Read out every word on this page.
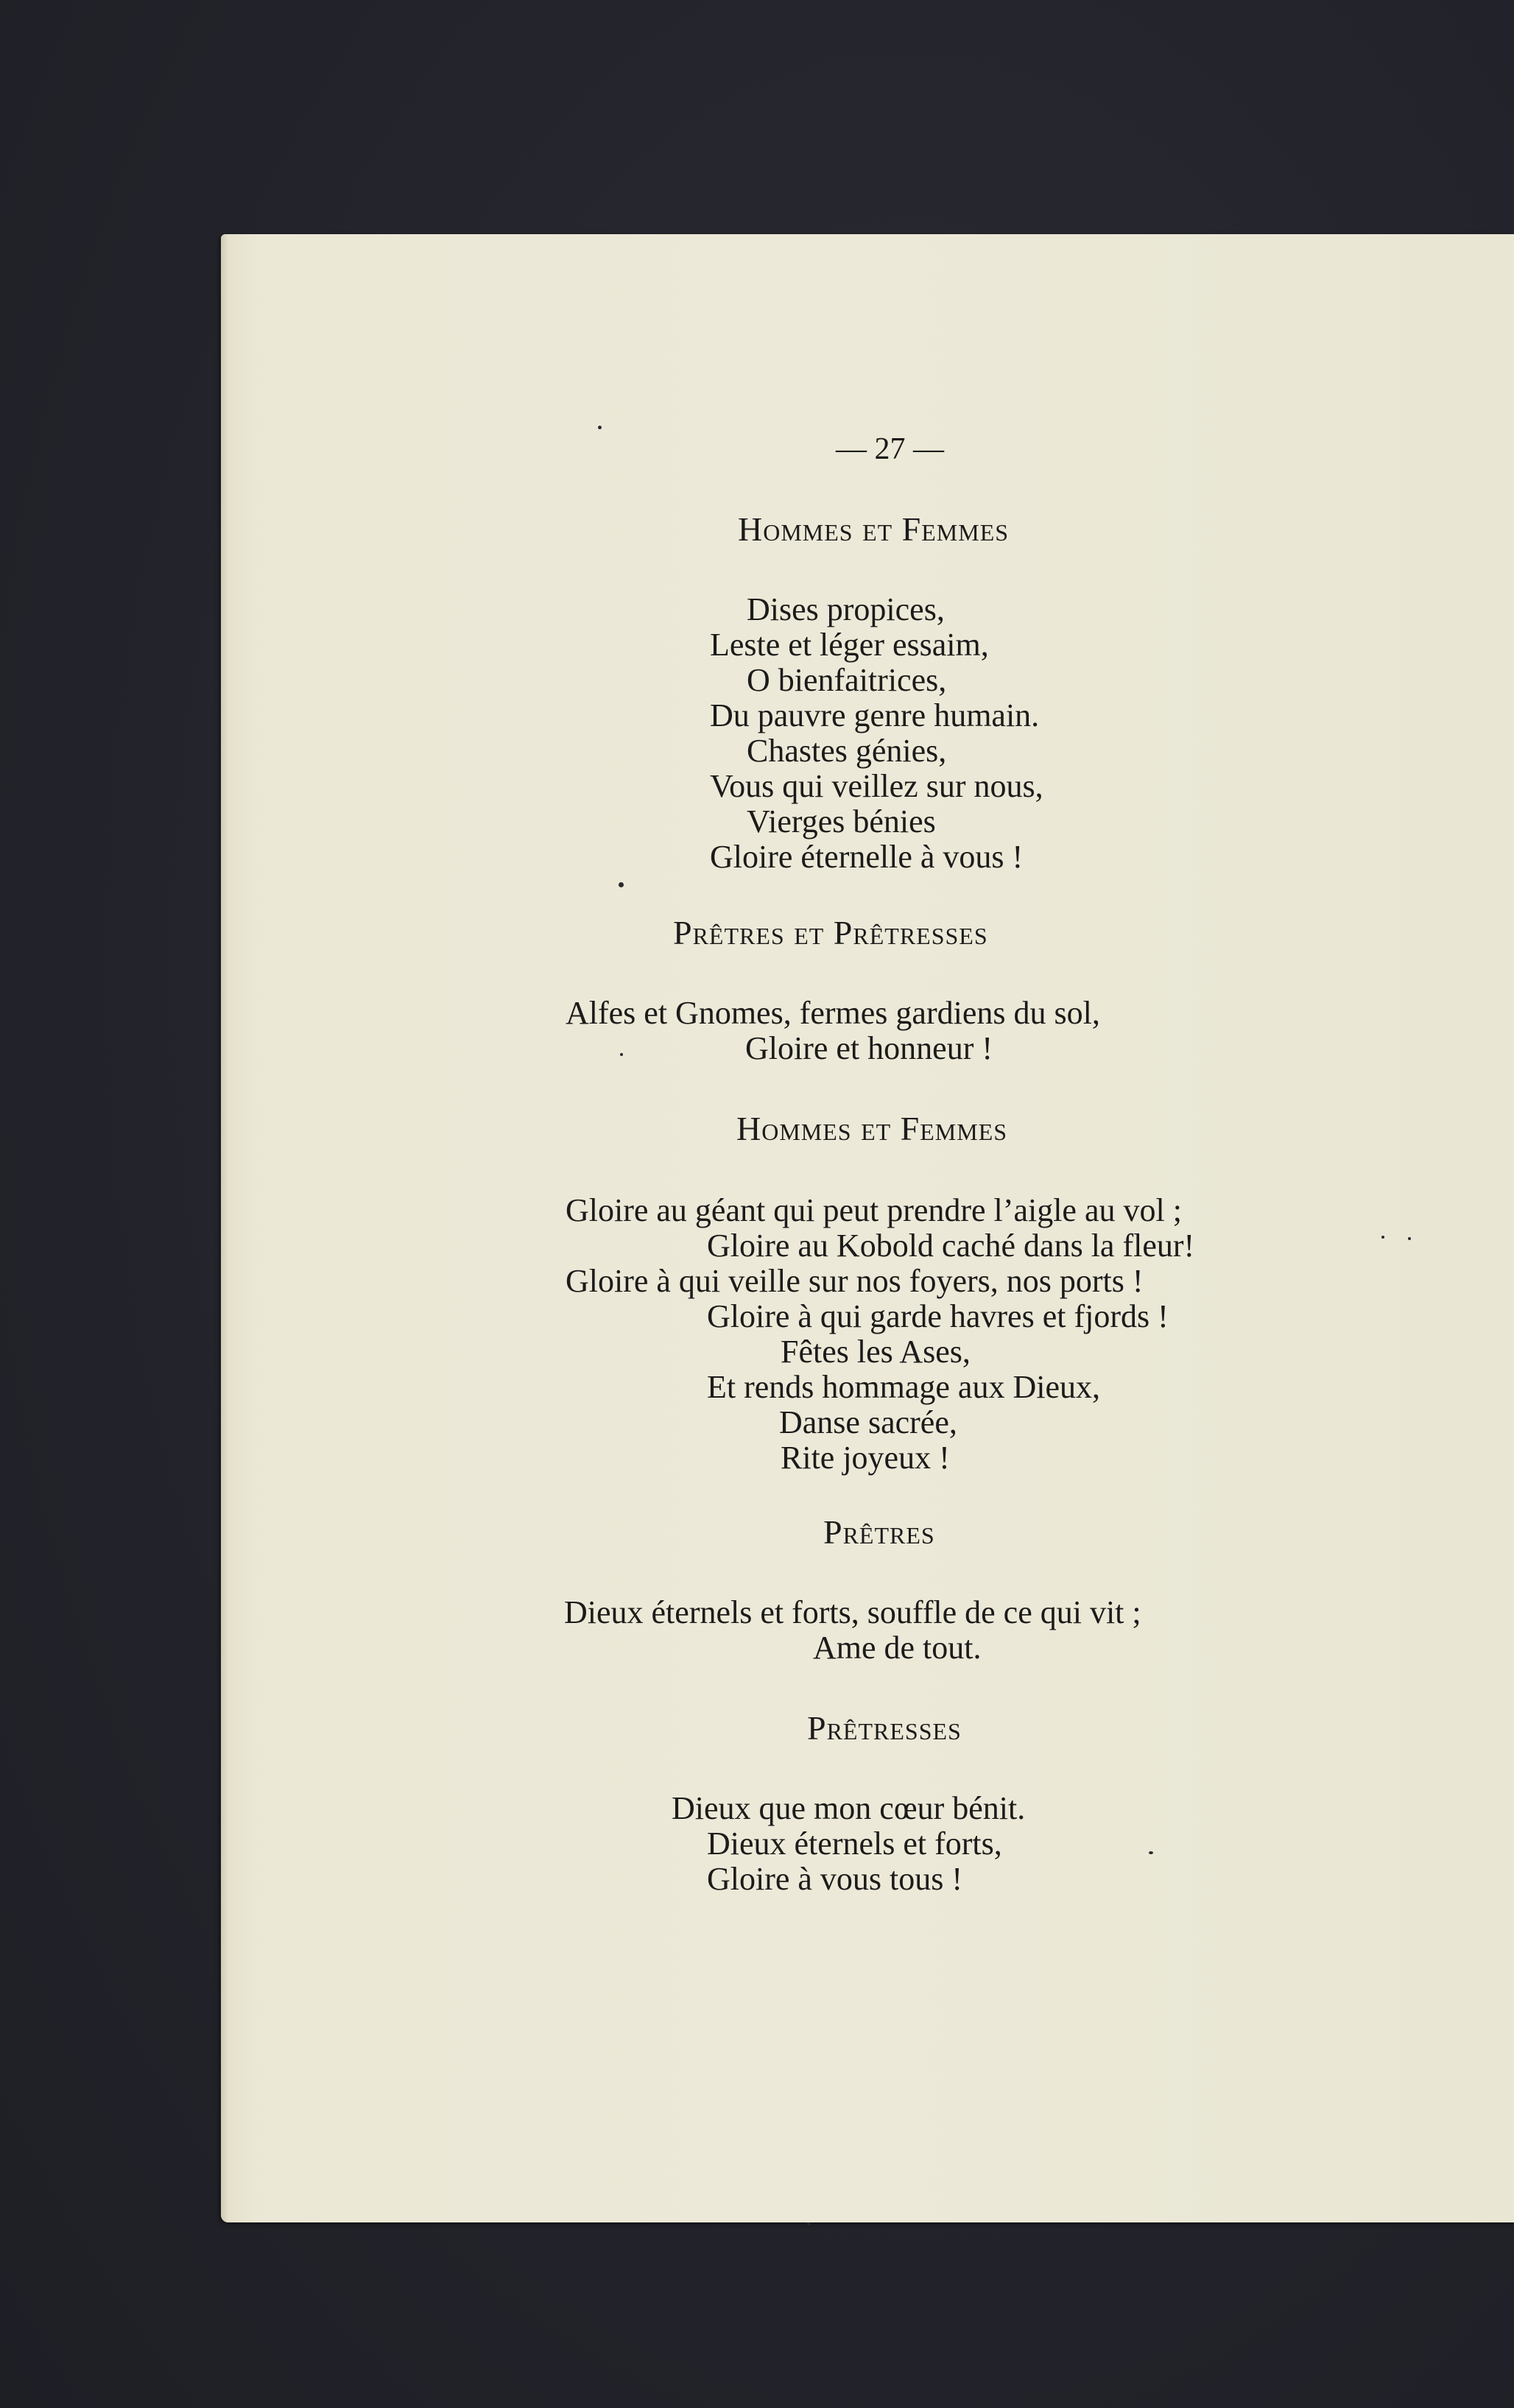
— 27 —

Hommes et Femmes

Dises propices,

Leste et léger essaim,

O bienfaitrices,

Du pauvre genre humain.

Chastes génies,

Vous qui veillez sur nous,

Vierges bénies

Gloire éternelle à vous !

Prêtres et Prêtresses

Alfes et Gnomes, fermes gardiens du sol,

Gloire et honneur !

Hommes et Femmes

Gloire au géant qui peut prendre l’aigle au vol ;

Gloire au Kobold caché dans la fleur!

Gloire à qui veille sur nos foyers, nos ports !

Gloire à qui garde havres et fjords !

Fêtes les Ases,

Et rends hommage aux Dieux,

Danse sacrée,

Rite joyeux !

Prêtres

Dieux éternels et forts, souffle de ce qui vit ;

Ame de tout.

Prêtresses

Dieux que mon cœur bénit.

Dieux éternels et forts,

Gloire à vous tous !
